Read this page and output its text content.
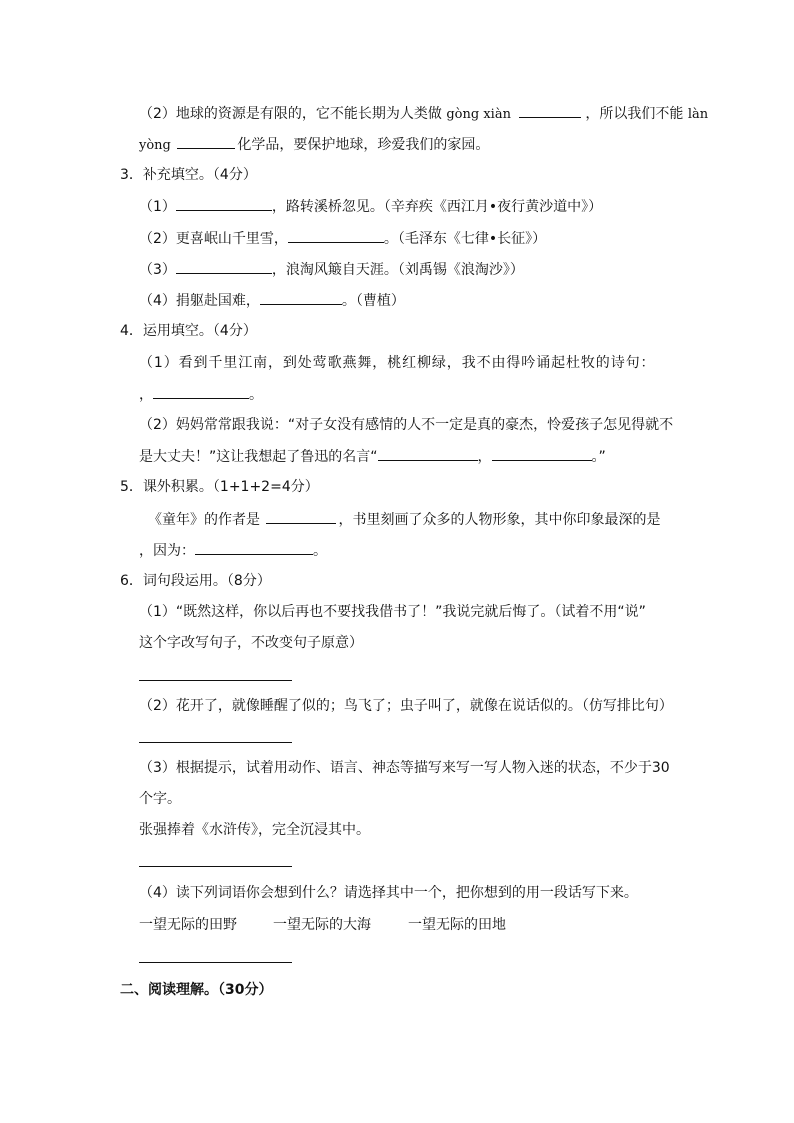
（2）地球的资源是有限的，它不能长期为人类做 gòng xiàn	，所以我们不能 làn
yòng	化学品，要保护地球，珍爱我们的家园。
3．补充填空。（4分）
（1）	，路转溪桥忽见。（辛弃疾《西江月•夜行黄沙道中》）
（2）更喜岷山千里雪，	。（毛泽东《七律•长征》）
（3）	，浪淘风簸自天涯。（刘禹锡《浪淘沙》）
（4）捐躯赴国难，	。（曹植）
4．运用填空。（4分）
（1）看到千里江南，到处莺歌燕舞，桃红柳绿，我不由得吟诵起杜牧的诗句：
，	。
（2）妈妈常常跟我说：“对子女没有感情的人不一定是真的豪杰，怜爱孩子怎见得就不
是大丈夫！”这让我想起了鲁迅的名言“	，	。”
5．课外积累。（1+1+2=4分）
《童年》的作者是	，书里刻画了众多的人物形象，其中你印象最深的是
，因为：	。
6．词句段运用。（8分）
（1）“既然这样，你以后再也不要找我借书了！”我说完就后悔了。（试着不用“说”
这个字改写句子，不改变句子原意）
（2）花开了，就像睡醒了似的；鸟飞了；虫子叫了，就像在说话似的。（仿写排比句）
（3）根据提示，试着用动作、语言、神态等描写来写一写人物入迷的状态，不少于30
个字。
张强捧着《水浒传》，完全沉浸其中。
（4）读下列词语你会想到什么？请选择其中一个，把你想到的用一段话写下来。
一望无际的田野	一望无际的大海	一望无际的田地
二、阅读理解。（30分）
